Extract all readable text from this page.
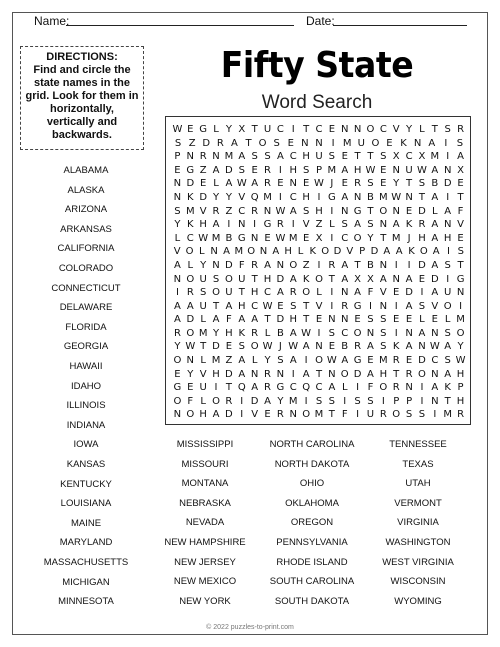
Name:	Date:
DIRECTIONS:
Find and circle the state names in the grid. Look for them in horizontally, vertically and backwards.
Fifty State
Word Search
W E G L Y X T U C I T C E N N O C V Y L T S R
S Z D R A T O S E N N I M U O E K N A I S
P N R N M A S S A C H U S E T T S X C X M I A
E G Z A D S E R I H S P M A H W E N U W A N X
N D E L A W A R E N E W J E R S E Y T S B D E
N K D Y Y V Q M I C H I G A N B M W N T A I T
S M V R Z C R N W A S H I N G T O N E D L A F
Y K H A I N I G R I V Z L S A S N A K R A N V
L C W M B G N E W M E X I C O Y T M J H A H E
V O L N A M O N A H L K O D V P D A A K O A I S
A L Y N D F R A N O Z I R A T B N I I D A S T
N O U S O U T H D A K O T A X X A N A E D I G
I R S O U T H C A R O L I N A F V E D I A U N
A A U T A H C W E S T V I R G I N I A S V O I
A D L A F A A T D H T E N N E S S E E L E L M
R O M Y H K R L B A W I S C O N S I N A N S O
Y W T D E S O W J W A N E B R A S K A N W A Y
O N L M Z A L Y S A I O W A G E M R E D C S W
E Y V H D A N R N I A T N O D A H T R O N A H
G E U I T Q A R G C Q C A L I F O R N I A K P
O F L O R I D A Y M I S S I S S I P P I N T H
N O H A D I V E R N O M T F I U R O S S I M R
ALABAMA
ALASKA
ARIZONA
ARKANSAS
CALIFORNIA
COLORADO
CONNECTICUT
DELAWARE
FLORIDA
GEORGIA
HAWAII
IDAHO
ILLINOIS
INDIANA
IOWA
KANSAS
KENTUCKY
LOUISIANA
MAINE
MARYLAND
MASSACHUSETTS
MICHIGAN
MINNESOTA
MISSISSIPPI	NORTH CAROLINA	TENNESSEE
MISSOURI	NORTH DAKOTA	TEXAS
MONTANA	OHIO	UTAH
NEBRASKA	OKLAHOMA	VERMONT
NEVADA	OREGON	VIRGINIA
NEW HAMPSHIRE	PENNSYLVANIA	WASHINGTON
NEW JERSEY	RHODE ISLAND	WEST VIRGINIA
NEW MEXICO	SOUTH CAROLINA	WISCONSIN
NEW YORK	SOUTH DAKOTA	WYOMING
© 2022 puzzles-to-print.com
